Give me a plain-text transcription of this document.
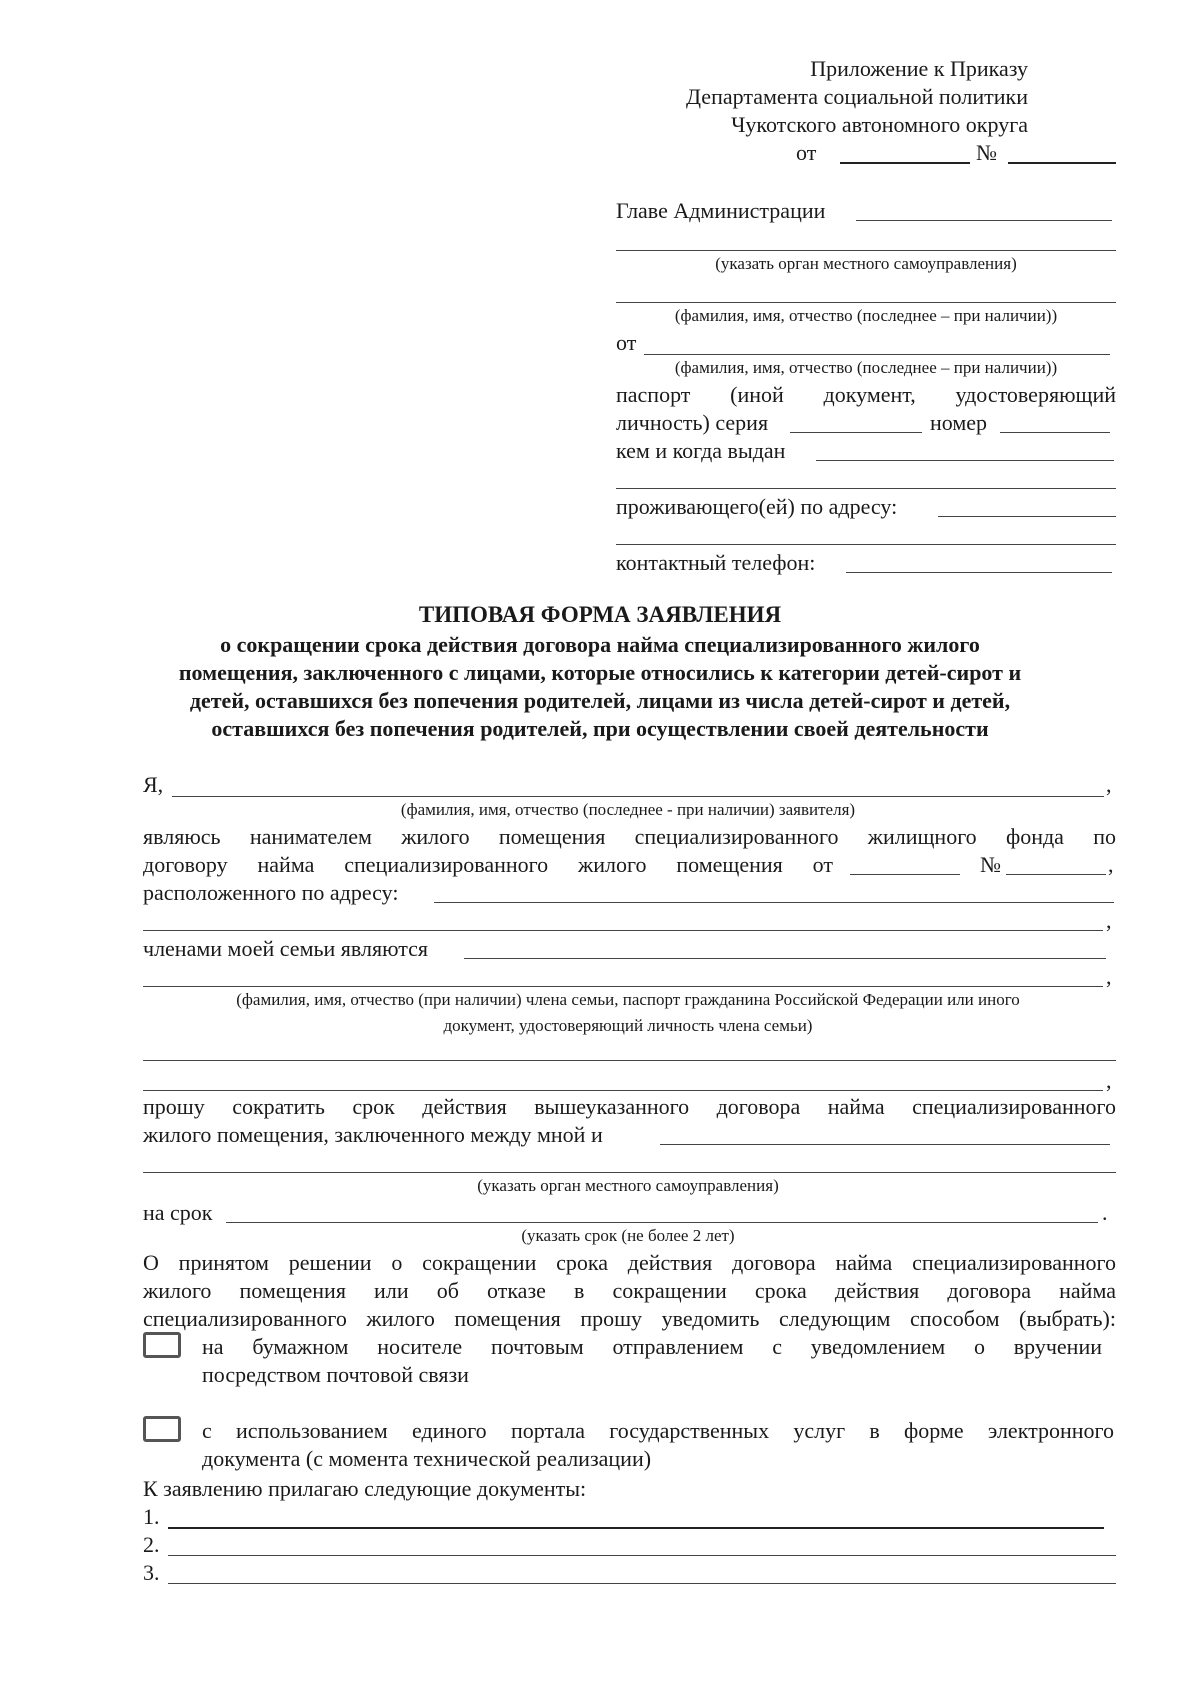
Приложение к Приказу
Департамента социальной политики
Чукотского автономного округа
от	№
Главе Администрации
(указать орган местного самоуправления)
(фамилия, имя, отчество (последнее – при наличии))
от
(фамилия, имя, отчество (последнее – при наличии))
паспорт (иной документ, удостоверяющий
личность) серия	номер
кем и когда выдан
проживающего(ей) по адресу:
контактный телефон:
ТИПОВАЯ ФОРМА ЗАЯВЛЕНИЯ
о сокращении срока действия договора найма специализированного жилого
помещения, заключенного с лицами, которые относились к категории детей-сирот и
детей, оставшихся без попечения родителей, лицами из числа детей-сирот и детей,
оставшихся без попечения родителей, при осуществлении своей деятельности
Я,	,
(фамилия, имя, отчество (последнее - при наличии) заявителя)
являюсь нанимателем жилого помещения специализированного жилищного фонда по
договору найма специализированного жилого помещения от	№	,
расположенного по адресу:
,
членами моей семьи являются
,
(фамилия, имя, отчество (при наличии) члена семьи, паспорт гражданина Российской Федерации или иного
документ, удостоверяющий личность члена семьи)
,
прошу сократить срок действия вышеуказанного договора найма специализированного
жилого помещения, заключенного между мной и
(указать орган местного самоуправления)
на срок	.
(указать срок (не более 2 лет)
О принятом решении о сокращении срока действия договора найма специализированного
жилого помещения или об отказе в сокращении срока действия договора найма
специализированного жилого помещения прошу уведомить следующим способом (выбрать):
на бумажном носителе почтовым отправлением с уведомлением о вручении
посредством почтовой связи
с использованием единого портала государственных услуг в форме электронного
документа (с момента технической реализации)
К заявлению прилагаю следующие документы:
1.
2.
3.
